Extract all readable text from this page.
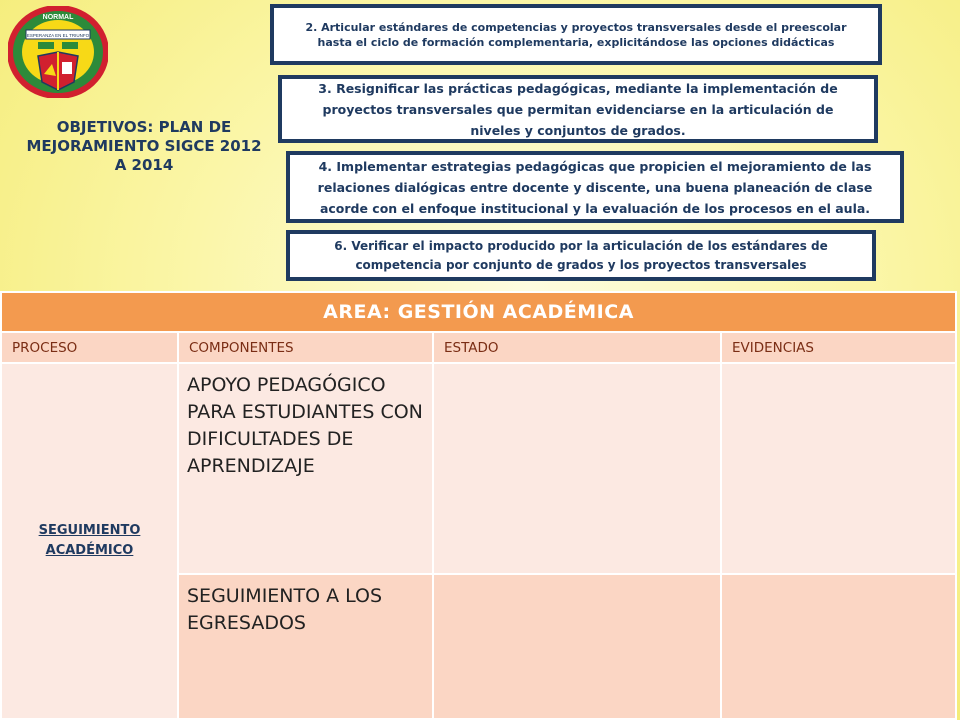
NORMAL
ESPERANZA EN EL TRIUNFO
OBJETIVOS: PLAN DE MEJORAMIENTO SIGCE 2012 A 2014
2. Articular estándares de competencias y proyectos transversales desde el preescolar hasta el ciclo de formación complementaria, explicitándose las opciones didácticas
3. Resignificar las prácticas pedagógicas, mediante la implementación de proyectos transversales que permitan evidenciarse en la articulación de niveles y conjuntos de grados.
4. Implementar estrategias pedagógicas que propicien el mejoramiento de las relaciones dialógicas entre docente y discente, una buena planeación de clase acorde con el enfoque institucional y la evaluación de los procesos en el aula.
6. Verificar el impacto producido por la articulación de los estándares de competencia por conjunto de grados y los proyectos transversales
AREA: GESTIÓN ACADÉMICA			
PROCESO	COMPONENTES	ESTADO	EVIDENCIAS
SEGUIMIENTO ACADÉMICO	APOYO PEDAGÓGICO PARA ESTUDIANTES CON DIFICULTADES DE APRENDIZAJE		
	SEGUIMIENTO A LOS EGRESADOS		
